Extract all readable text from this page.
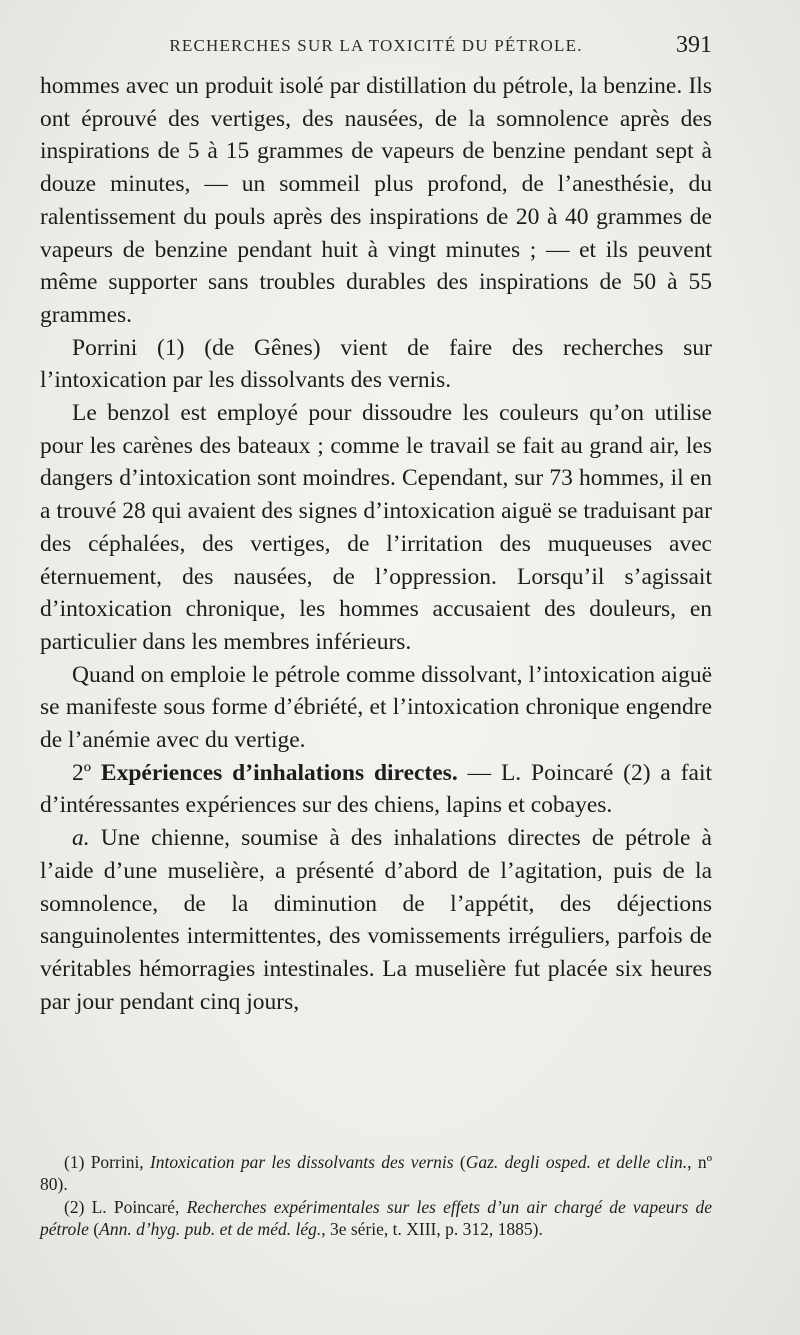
RECHERCHES SUR LA TOXICITÉ DU PÉTROLE.	391

hommes avec un produit isolé par distillation du pétrole, la benzine. Ils ont éprouvé des vertiges, des nausées, de la somnolence après des inspirations de 5 à 15 grammes de vapeurs de benzine pendant sept à douze minutes, — un sommeil plus profond, de l’anesthésie, du ralentissement du pouls après des inspirations de 20 à 40 grammes de vapeurs de benzine pendant huit à vingt minutes ; — et ils peuvent même supporter sans troubles durables des inspirations de 50 à 55 grammes.

Porrini (1) (de Gênes) vient de faire des recherches sur l’intoxication par les dissolvants des vernis.

Le benzol est employé pour dissoudre les couleurs qu’on utilise pour les carènes des bateaux ; comme le travail se fait au grand air, les dangers d’intoxication sont moindres. Cependant, sur 73 hommes, il en a trouvé 28 qui avaient des signes d’intoxication aiguë se traduisant par des céphalées, des vertiges, de l’irritation des muqueuses avec éternuement, des nausées, de l’oppression. Lorsqu’il s’agissait d’intoxication chronique, les hommes accusaient des douleurs, en particulier dans les membres inférieurs.

Quand on emploie le pétrole comme dissolvant, l’intoxication aiguë se manifeste sous forme d’ébriété, et l’intoxication chronique engendre de l’anémie avec du vertige.

2º Expériences d’inhalations directes. — L. Poincaré (2) a fait d’intéressantes expériences sur des chiens, lapins et cobayes.

a. Une chienne, soumise à des inhalations directes de pétrole à l’aide d’une muselière, a présenté d’abord de l’agitation, puis de la somnolence, de la diminution de l’appétit, des déjections sanguinolentes intermittentes, des vomissements irréguliers, parfois de véritables hémorragies intestinales. La muselière fut placée six heures par jour pendant cinq jours,

(1) Porrini, Intoxication par les dissolvants des vernis (Gaz. degli osped. et delle clin., nº 80).

(2) L. Poincaré, Recherches expérimentales sur les effets d’un air chargé de vapeurs de pétrole (Ann. d’hyg. pub. et de méd. lég., 3e série, t. XIII, p. 312, 1885).
